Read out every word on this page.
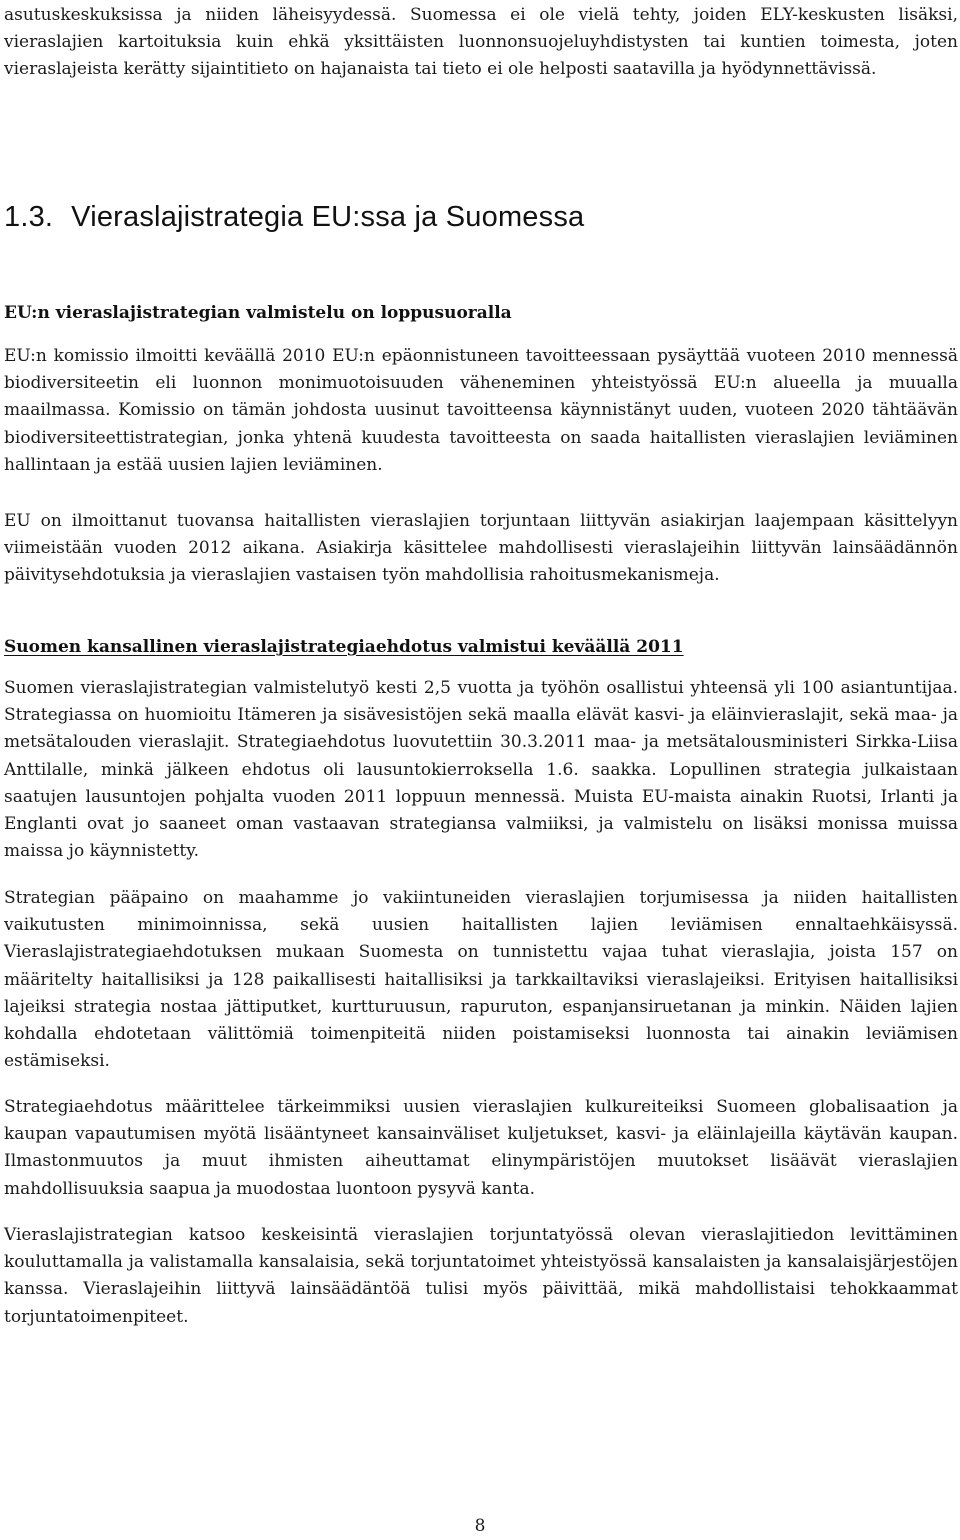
asutuskeskuksissa ja niiden läheisyydessä. Suomessa ei ole vielä tehty, joiden ELY-keskusten lisäksi, vieraslajien kartoituksia kuin ehkä yksittäisten luonnonsuojeluyhdistysten tai kuntien toimesta, joten vieraslajeista kerätty sijaintitieto on hajanaista tai tieto ei ole helposti saatavilla ja hyödynnettävissä.

1.3. Vieraslajistrategia EU:ssa ja Suomessa
EU:n vieraslajistrategian valmistelu on loppusuoralla

EU:n komissio ilmoitti keväällä 2010 EU:n epäonnistuneen tavoitteessaan pysäyttää vuoteen 2010 mennessä biodiversiteetin eli luonnon monimuotoisuuden väheneminen yhteistyössä EU:n alueella ja muualla maailmassa. Komissio on tämän johdosta uusinut tavoitteensa käynnistänyt uuden, vuoteen 2020 tähtäävän biodiversiteettistrategian, jonka yhtenä kuudesta tavoitteesta on saada haitallisten vieraslajien leviäminen hallintaan ja estää uusien lajien leviäminen.

EU on ilmoittanut tuovansa haitallisten vieraslajien torjuntaan liittyvän asiakirjan laajempaan käsittelyyn viimeistään vuoden 2012 aikana. Asiakirja käsittelee mahdollisesti vieraslajeihin liittyvän lainsäädännön päivitysehdotuksia ja vieraslajien vastaisen työn mahdollisia rahoitusmekanismeja.

Suomen kansallinen vieraslajistrategiaehdotus valmistui keväällä 2011

Suomen vieraslajistrategian valmistelutyö kesti 2,5 vuotta ja työhön osallistui yhteensä yli 100 asiantuntijaa. Strategiassa on huomioitu Itämeren ja sisävesistöjen sekä maalla elävät kasvi- ja eläinvieraslajit, sekä maa- ja metsätalouden vieraslajit. Strategiaehdotus luovutettiin 30.3.2011 maa- ja metsätalousministeri Sirkka-Liisa Anttilalle, minkä jälkeen ehdotus oli lausuntokierroksella 1.6. saakka. Lopullinen strategia julkaistaan saatujen lausuntojen pohjalta vuoden 2011 loppuun mennessä. Muista EU-maista ainakin Ruotsi, Irlanti ja Englanti ovat jo saaneet oman vastaavan strategiansa valmiiksi, ja valmistelu on lisäksi monissa muissa maissa jo käynnistetty.

Strategian pääpaino on maahamme jo vakiintuneiden vieraslajien torjumisessa ja niiden haitallisten vaikutusten minimoinnissa, sekä uusien haitallisten lajien leviämisen ennaltaehkäisyssä. Vieraslajistrategiaehdotuksen mukaan Suomesta on tunnistettu vajaa tuhat vieraslajia, joista 157 on määritelty haitallisiksi ja 128 paikallisesti haitallisiksi ja tarkkailtaviksi vieraslajeiksi. Erityisen haitallisiksi lajeiksi strategia nostaa jättiputket, kurtturuusun, rapuruton, espanjansiruetanan ja minkin. Näiden lajien kohdalla ehdotetaan välittömiä toimenpiteitä niiden poistamiseksi luonnosta tai ainakin leviämisen estämiseksi.

Strategiaehdotus määrittelee tärkeimmiksi uusien vieraslajien kulkureiteiksi Suomeen globalisaation ja kaupan vapautumisen myötä lisääntyneet kansainväliset kuljetukset, kasvi- ja eläinlajeilla käytävän kaupan. Ilmastonmuutos ja muut ihmisten aiheuttamat elinympäristöjen muutokset lisäävät vieraslajien mahdollisuuksia saapua ja muodostaa luontoon pysyvä kanta.

Vieraslajistrategian katsoo keskeisintä vieraslajien torjuntatyössä olevan vieraslajitiedon levittäminen kouluttamalla ja valistamalla kansalaisia, sekä torjuntatoimet yhteistyössä kansalaisten ja kansalaisjärjestöjen kanssa. Vieraslajeihin liittyvä lainsäädäntöä tulisi myös päivittää, mikä mahdollistaisi tehokkaammat torjuntatoimenpiteet.

8
